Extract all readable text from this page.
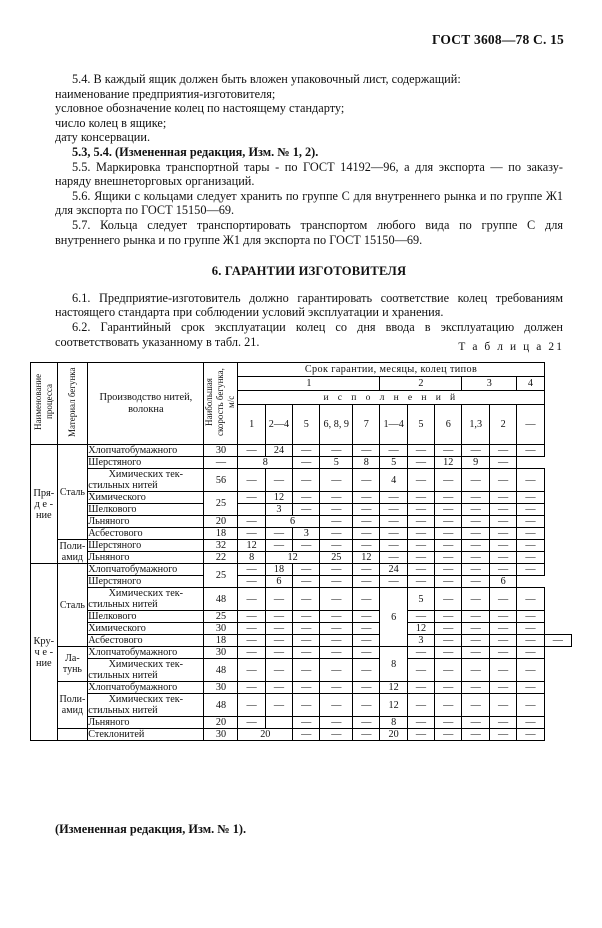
ГОСТ 3608—78 С. 15

5.4. В каждый ящик должен быть вложен упаковочный лист, содержащий:

наименование предприятия-изготовителя;

условное обозначение колец по настоящему стандарту;

число колец в ящике;

дату консервации.

5.3, 5.4. (Измененная редакция, Изм. № 1, 2).

5.5. Маркировка транспортной тары - по ГОСТ 14192—96, а для экспорта — по заказу-наряду внешнеторговых организаций.

5.6. Ящики с кольцами следует хранить по группе С для внутреннего рынка и по группе Ж1 для экспорта по ГОСТ 15150—69.

5.7. Кольца следует транспортировать транспортом любого вида по группе С для внутреннего рынка и по группе Ж1 для экспорта по ГОСТ 15150—69.

6. ГАРАНТИИ ИЗГОТОВИТЕЛЯ

6.1. Предприятие-изготовитель должно гарантировать соответствие колец требованиям настоящего стандарта при соблюдении условий эксплуатации и хранения.

6.2. Гарантийный срок эксплуатации колец со дня ввода в эксплуатацию должен соответствовать указанному в табл. 21.	Т а б л и ц а 21
Наименование процесса	Материал бегунка	Производство нитей, волокна	Наибольшая скорость бегунка, м/с	Срок гарантии, месяцы, колец типов											
				1					2			3		4	
				и с п о л н е н и й											
				1	2—4	5	6, 8, 9	7	1—4	5	6	1,3	2	—	
Пря-
д е -
ние	Сталь	Хлопчатобумажного	30	—	24	—	—	—	—	—	—	—	—	—	
		Шерстяного	—	8		—	5	8	5	—	12	9	—		
		Химических тек-стильных нитей	56	—	—	—	—	—	4	—	—	—	—	—	
		Химического	25	—	12	—	—	—	—	—	—	—	—	—	
		Шелкового			3	—	—	—	—	—	—	—	—	—	
		Льняного	20	—	6		—	—	—	—	—	—	—	—	
		Асбестового	18	—	—	3	—	—	—	—	—	—	—	—	
	Поли-
амид	Шерстяного	32	12	—	—	—	—	—	—	—	—	—	—	
		Льняного	22	8	12		25	12	—	—	—	—	—	—	
Кру-
ч е -
ние	Сталь	Хлопчатобумажного	25	—	18	—	—	—	24	—	—	—	—	—	
		Шерстяного		—	6	—	—	—	—	—	—	—	6		
		Химических тек-стильных нитей	48	—	—	—	—	—	6	5	—	—	—	—	
		Шелкового	25	—	—	—	—	—		—	—	—	—	—	
		Химического	30	—	—	—	—	—		12	—	—	—	—	
		Асбестового	18	—	—	—	—	—		3	—	—	—	—	—
	Ла-
тунь	Хлопчатобумажного	30	—	—	—	—	—	8	—	—	—	—	—	
		Химических тек-стильных нитей	48	—	—	—	—	—		—	—	—	—	—	
	Поли-
амид	Хлопчатобумажного	30	—	—	—	—	—	12	—	—	—	—	—	
		Химических тек-стильных нитей	48	—	—	—	—	—	12	—	—	—	—	—	
		Льняного	20	—		—	—	—	8	—	—	—	—	—	
		Стеклонитей	30	20		—	—	—	20	—	—	—	—	—	
(Измененная редакция, Изм. № 1).
